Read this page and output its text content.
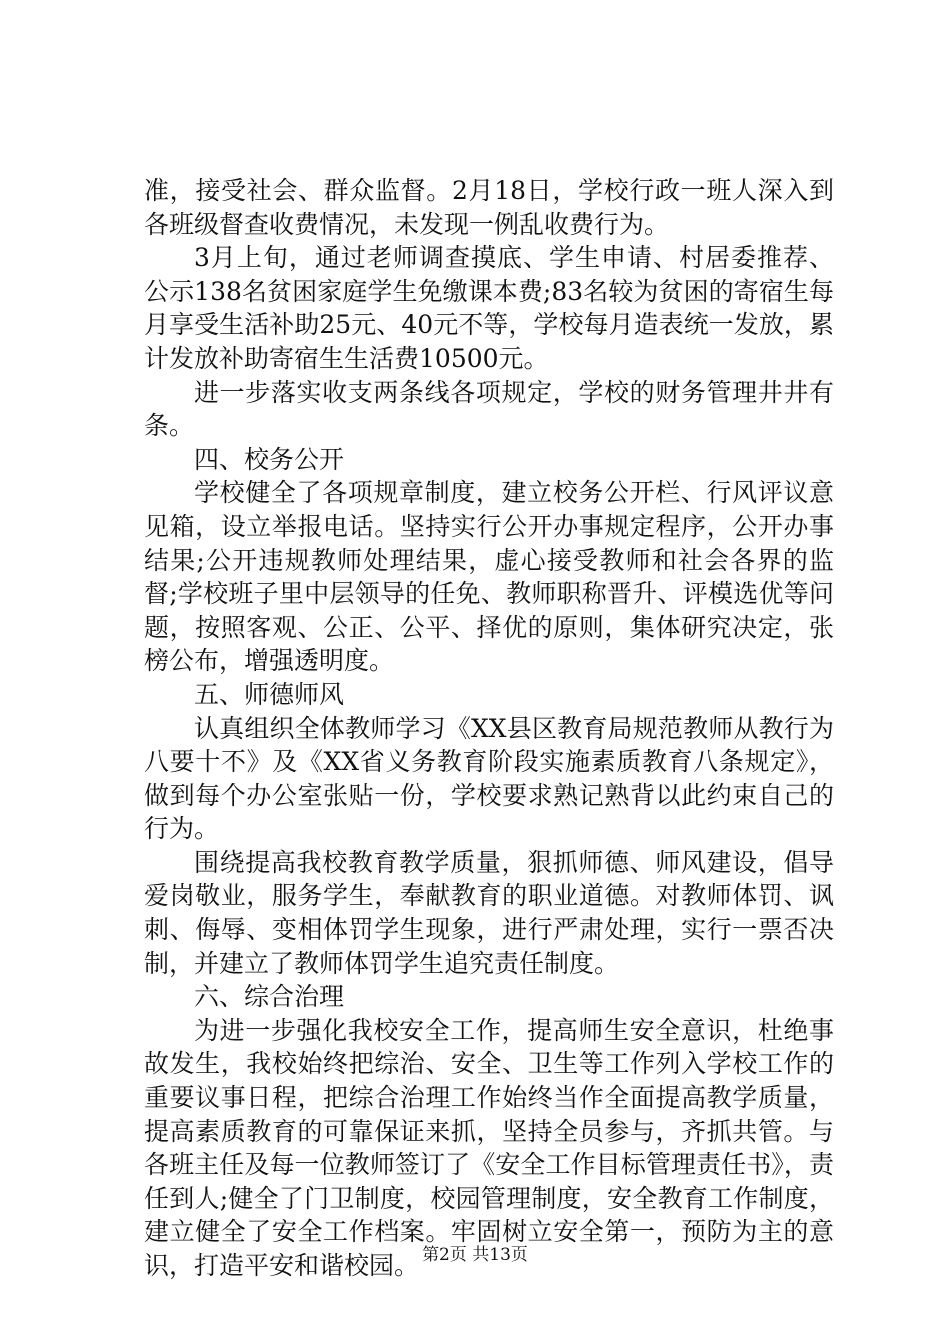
准，接受社会、群众监督。2月18日，学校行政一班人深入到各班级督查收费情况，未发现一例乱收费行为。

3月上旬，通过老师调查摸底、学生申请、村居委推荐、公示138名贫困家庭学生免缴课本费;83名较为贫困的寄宿生每月享受生活补助25元、40元不等，学校每月造表统一发放，累计发放补助寄宿生生活费10500元。

进一步落实收支两条线各项规定，学校的财务管理井井有条。

四、校务公开

学校健全了各项规章制度，建立校务公开栏、行风评议意见箱，设立举报电话。坚持实行公开办事规定程序，公开办事结果;公开违规教师处理结果，虚心接受教师和社会各界的监督;学校班子里中层领导的任免、教师职称晋升、评模选优等问题，按照客观、公正、公平、择优的原则，集体研究决定，张榜公布，增强透明度。

五、师德师风

认真组织全体教师学习《XX县区教育局规范教师从教行为八要十不》及《XX省义务教育阶段实施素质教育八条规定》，做到每个办公室张贴一份，学校要求熟记熟背以此约束自己的行为。

围绕提高我校教育教学质量，狠抓师德、师风建设，倡导爱岗敬业，服务学生，奉献教育的职业道德。对教师体罚、讽刺、侮辱、变相体罚学生现象，进行严肃处理，实行一票否决制，并建立了教师体罚学生追究责任制度。

六、综合治理

为进一步强化我校安全工作，提高师生安全意识，杜绝事故发生，我校始终把综治、安全、卫生等工作列入学校工作的重要议事日程，把综合治理工作始终当作全面提高教学质量，提高素质教育的可靠保证来抓，坚持全员参与，齐抓共管。与各班主任及每一位教师签订了《安全工作目标管理责任书》，责任到人;健全了门卫制度，校园管理制度，安全教育工作制度，建立健全了安全工作档案。牢固树立安全第一，预防为主的意识，打造平安和谐校园。 第2页 共13页
